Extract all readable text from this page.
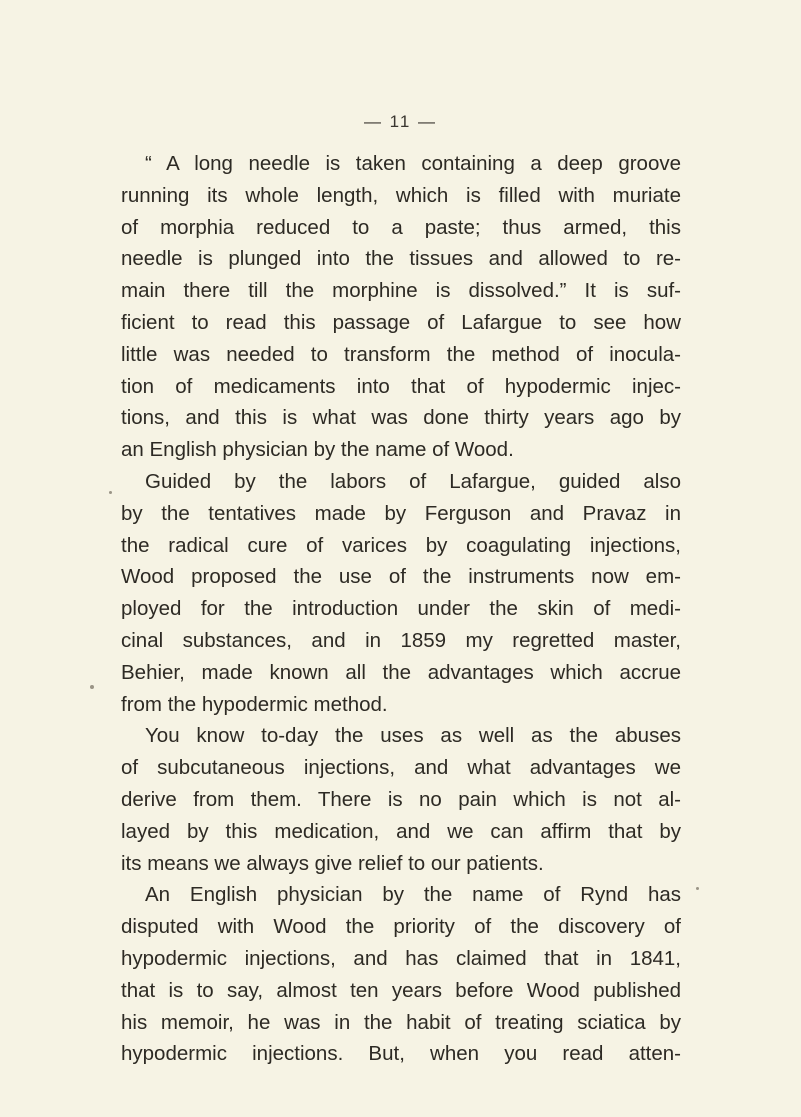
— 11 —
“ A long needle is taken containing a deep groove
running its whole length, which is filled with muriate
of morphia reduced to a paste; thus armed, this
needle is plunged into the tissues and allowed to re-
main there till the morphine is dissolved.” It is suf-
ficient to read this passage of Lafargue to see how
little was needed to transform the method of inocula-
tion of medicaments into that of hypodermic injec-
tions, and this is what was done thirty years ago by
an English physician by the name of Wood.
Guided by the labors of Lafargue, guided also
by the tentatives made by Ferguson and Pravaz in
the radical cure of varices by coagulating injections,
Wood proposed the use of the instruments now em-
ployed for the introduction under the skin of medi-
cinal substances, and in 1859 my regretted master,
Behier, made known all the advantages which accrue
from the hypodermic method.
You know to-day the uses as well as the abuses
of subcutaneous injections, and what advantages we
derive from them. There is no pain which is not al-
layed by this medication, and we can affirm that by
its means we always give relief to our patients.
An English physician by the name of Rynd has
disputed with Wood the priority of the discovery of
hypodermic injections, and has claimed that in 1841,
that is to say, almost ten years before Wood published
his memoir, he was in the habit of treating sciatica by
hypodermic injections. But, when you read atten-
